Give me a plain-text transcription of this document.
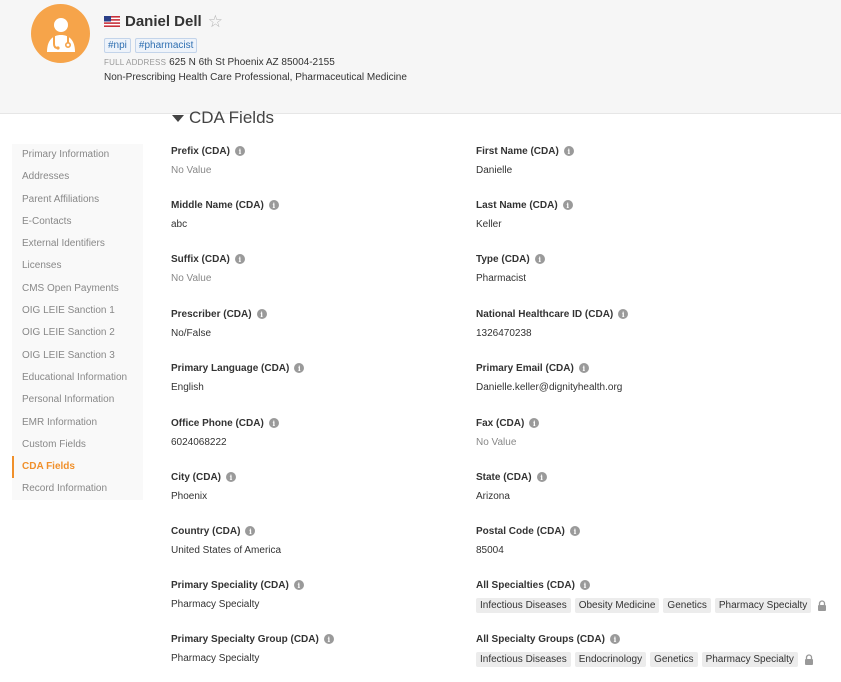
Daniel Dell ☆
#npi	#pharmacist
FULL ADDRESS 625 N 6th St Phoenix AZ 85004-2155
Non-Prescribing Health Care Professional, Pharmaceutical Medicine
CDA Fields
Primary Information
Addresses
Parent Affiliations
E-Contacts
External Identifiers
Licenses
CMS Open Payments
OIG LEIE Sanction 1
OIG LEIE Sanction 2
OIG LEIE Sanction 3
Educational Information
Personal Information
EMR Information
Custom Fields
CDA Fields
Record Information
Prefix (CDA)	i
No Value
First Name (CDA)	i
Danielle
Middle Name (CDA)	i
abc
Last Name (CDA)	i
Keller
Suffix (CDA)	i
No Value
Type (CDA)	i
Pharmacist
Prescriber (CDA)	i
No/False
National Healthcare ID (CDA)	i
1326470238
Primary Language (CDA)	i
English
Primary Email (CDA)	i
Danielle.keller@dignityhealth.org
Office Phone (CDA)	i
6024068222
Fax (CDA)	i
No Value
City (CDA)	i
Phoenix
State (CDA)	i
Arizona
Country (CDA)	i
United States of America
Postal Code (CDA)	i
85004
Primary Speciality (CDA)	i
Pharmacy Specialty
All Specialties (CDA)	i
Infectious Diseases	Obesity Medicine	Genetics	Pharmacy Specialty
Primary Specialty Group (CDA)	i
Pharmacy Specialty
All Specialty Groups (CDA)	i
Infectious Diseases	Endocrinology	Genetics	Pharmacy Specialty
